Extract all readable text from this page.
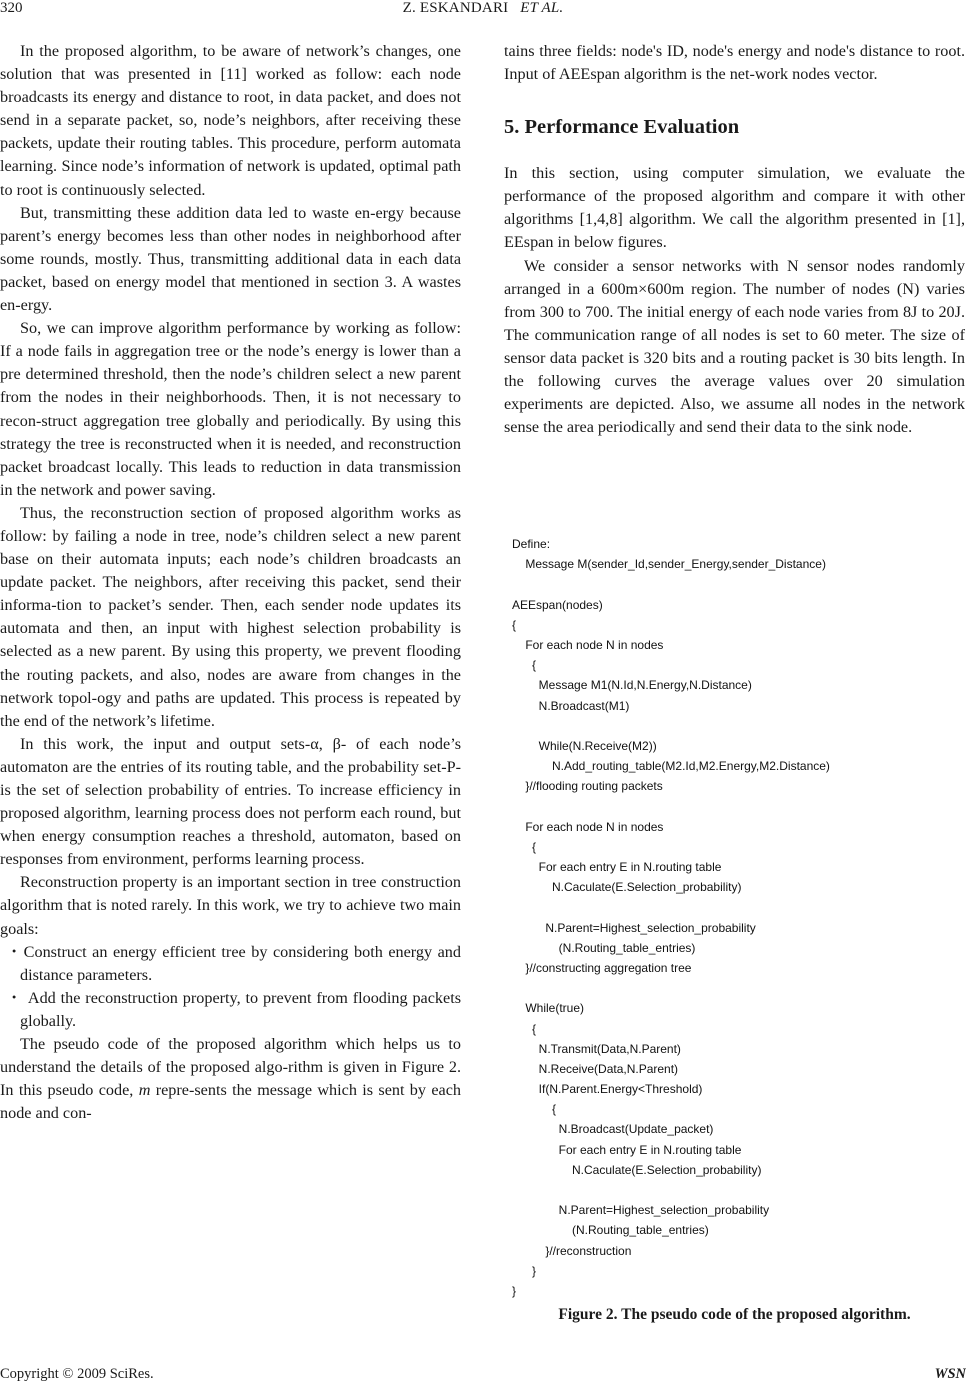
320	Z. ESKANDARI ET AL.

In the proposed algorithm, to be aware of network’s changes, one solution that was presented in [11] worked as follow: each node broadcasts its energy and distance to root, in data packet, and does not send in a separate packet, so, node’s neighbors, after receiving these packets, update their routing tables. This procedure, perform automata learning. Since node’s information of network is updated, optimal path to root is continuously selected.

But, transmitting these addition data led to waste en-ergy because parent’s energy becomes less than other nodes in neighborhood after some rounds, mostly. Thus, transmitting additional data in each data packet, based on energy model that mentioned in section 3. A wastes en-ergy.

So, we can improve algorithm performance by working as follow: If a node fails in aggregation tree or the node’s energy is lower than a pre determined threshold, then the node’s children select a new parent from the nodes in their neighborhoods. Then, it is not necessary to recon-struct aggregation tree globally and periodically. By using this strategy the tree is reconstructed when it is needed, and reconstruction packet broadcast locally. This leads to reduction in data transmission in the network and power saving.

Thus, the reconstruction section of proposed algorithm works as follow: by failing a node in tree, node’s children select a new parent base on their automata inputs; each node’s children broadcasts an update packet. The neighbors, after receiving this packet, send their informa-tion to packet’s sender. Then, each sender node updates its automata and then, an input with highest selection probability is selected as a new parent. By using this property, we prevent flooding the routing packets, and also, nodes are aware from changes in the network topol-ogy and paths are updated. This process is repeated by the end of the network’s lifetime.

In this work, the input and output sets-α, β- of each node’s automaton are the entries of its routing table, and the probability set-P-is the set of selection probability of entries. To increase efficiency in proposed algorithm, learning process does not perform each round, but when energy consumption reaches a threshold, automaton, based on responses from environment, performs learning process.

Reconstruction property is an important section in tree construction algorithm that is noted rarely. In this work, we try to achieve two main goals:

・Construct an energy efficient tree by considering both energy and distance parameters.
・ Add the reconstruction property, to prevent from flooding packets globally.

The pseudo code of the proposed algorithm which helps us to understand the details of the proposed algo-rithm is given in Figure 2. In this pseudo code, m repre-sents the message which is sent by each node and con-

tains three fields: node's ID, node's energy and node's distance to root. Input of AEEspan algorithm is the net-work nodes vector.

5. Performance Evaluation

In this section, using computer simulation, we evaluate the performance of the proposed algorithm and compare it with other algorithms [1,4,8] algorithm. We call the algorithm presented in [1], EEspan in below figures.

We consider a sensor networks with N sensor nodes randomly arranged in a 600m×600m region. The number of nodes (N) varies from 300 to 700. The initial energy of each node varies from 8J to 20J. The communication range of all nodes is set to 60 meter. The size of sensor data packet is 320 bits and a routing packet is 30 bits length. In the following curves the average values over 20 simulation experiments are depicted. Also, we assume all nodes in the network sense the area periodically and send their data to the sink node.

Define:
Message M(sender_Id,sender_Energy,sender_Distance)
AEEspan(nodes)
{
For each node N in nodes
{
Message M1(N.Id,N.Energy,N.Distance)
N.Broadcast(M1)
While(N.Receive(M2))
N.Add_routing_table(M2.Id,M2.Energy,M2.Distance)
}//flooding routing packets
For each node N in nodes
{
For each entry E in N.routing table
N.Caculate(E.Selection_probability)
N.Parent=Highest_selection_probability
(N.Routing_table_entries)
}//constructing aggregation tree
While(true)
{
N.Transmit(Data,N.Parent)
N.Receive(Data,N.Parent)
If(N.Parent.Energy<Threshold)
{
N.Broadcast(Update_packet)
For each entry E in N.routing table
N.Caculate(E.Selection_probability)
N.Parent=Highest_selection_probability
(N.Routing_table_entries)
}//reconstruction
}
}
Figure 2. The pseudo code of the proposed algorithm.
Copyright © 2009 SciRes.	WSN
